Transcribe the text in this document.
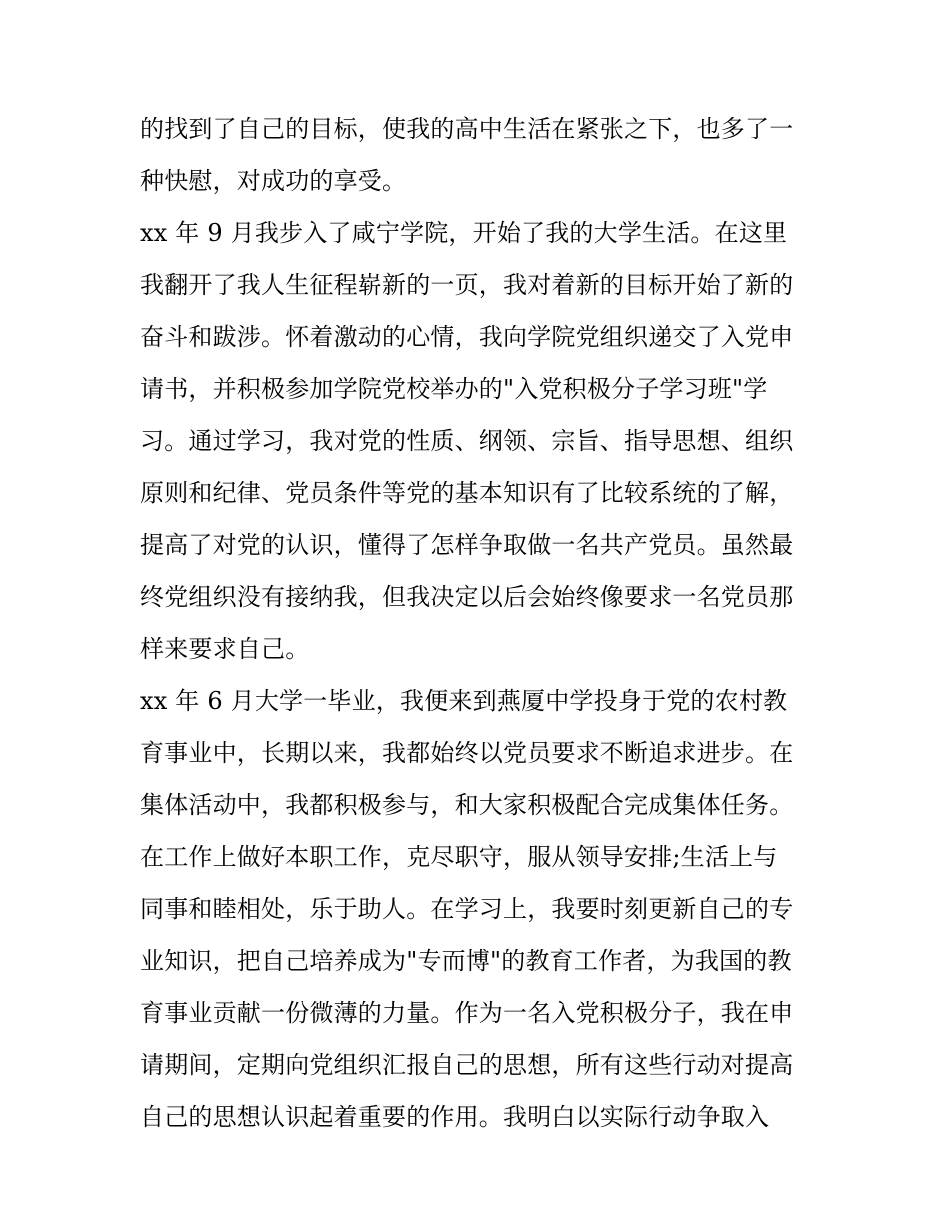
的找到了自己的目标，使我的高中生活在紧张之下，也多了一
种快慰，对成功的享受。
xx 年 9 月我步入了咸宁学院，开始了我的大学生活。在这里
我翻开了我人生征程崭新的一页，我对着新的目标开始了新的
奋斗和跋涉。怀着激动的心情，我向学院党组织递交了入党申
请书，并积极参加学院党校举办的"入党积极分子学习班"学
习。通过学习，我对党的性质、纲领、宗旨、指导思想、组织
原则和纪律、党员条件等党的基本知识有了比较系统的了解，
提高了对党的认识，懂得了怎样争取做一名共产党员。虽然最
终党组织没有接纳我，但我决定以后会始终像要求一名党员那
样来要求自己。
xx 年 6 月大学一毕业，我便来到燕厦中学投身于党的农村教
育事业中，长期以来，我都始终以党员要求不断追求进步。在
集体活动中，我都积极参与，和大家积极配合完成集体任务。
在工作上做好本职工作，克尽职守，服从领导安排;生活上与
同事和睦相处，乐于助人。在学习上，我要时刻更新自己的专
业知识，把自己培养成为"专而博"的教育工作者，为我国的教
育事业贡献一份微薄的力量。作为一名入党积极分子，我在申
请期间，定期向党组织汇报自己的思想，所有这些行动对提高
自己的思想认识起着重要的作用。我明白以实际行动争取入
